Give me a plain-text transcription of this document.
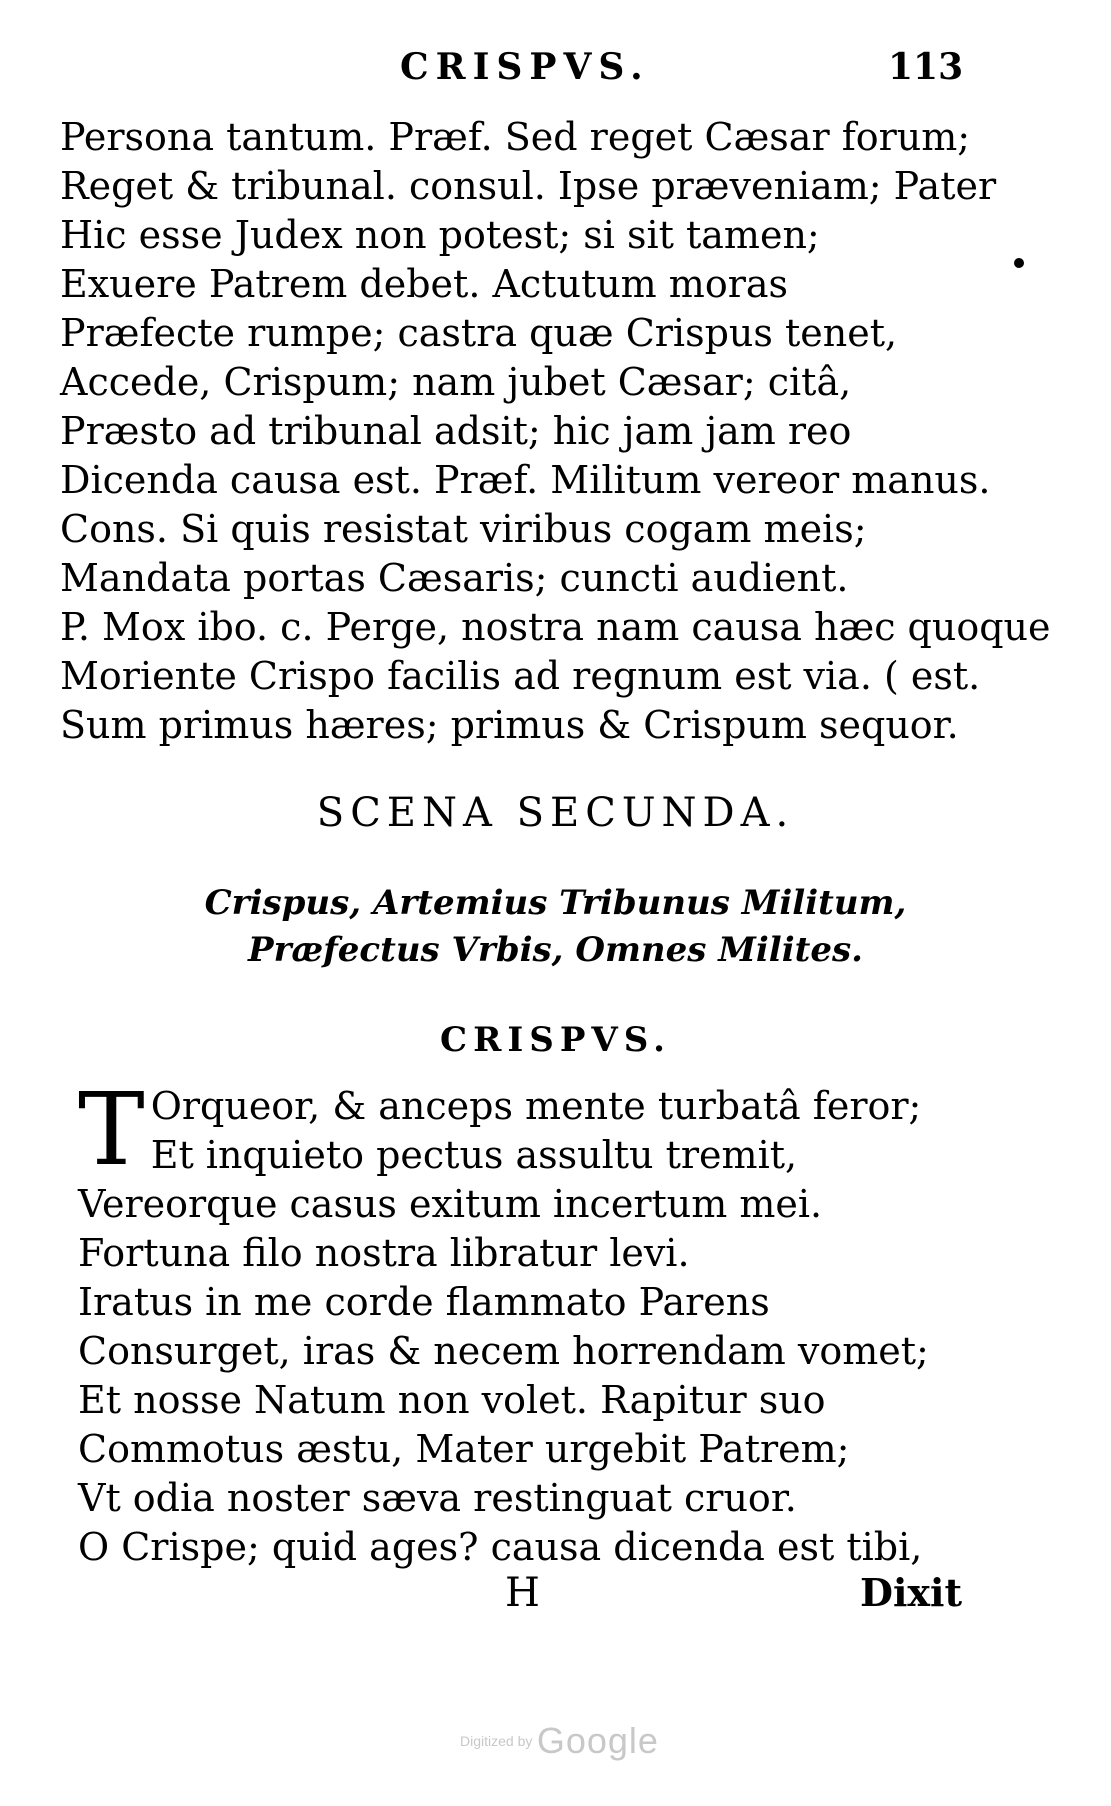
CRISPVS.	113
Persona tantum. Præf. Sed reget Cæsar forum;
Reget & tribunal. consul. Ipse præveniam; Pater
Hic esse Judex non potest; si sit tamen;
Exuere Patrem debet. Actutum moras
Præfecte rumpe; castra quæ Crispus tenet,
Accede, Crispum; nam jubet Cæsar; citâ,
Præsto ad tribunal adsit; hic jam jam reo
Dicenda causa est. Præf. Militum vereor manus.
Cons. Si quis resistat viribus cogam meis;
Mandata portas Cæsaris; cuncti audient.
P. Mox ibo. c. Perge, nostra nam causa hæc quoque
Moriente Crispo facilis ad regnum est via. ( est.
Sum primus hæres; primus & Crispum sequor.
SCENA SECUNDA.
Crispus, Artemius Tribunus Militum,
Præfectus Vrbis, Omnes Milites.
CRISPVS.
T Orqueor, & anceps mente turbatâ feror;
Et inquieto pectus assultu tremit,
Vereorque casus exitum incertum mei.
Fortuna filo nostra libratur levi.
Iratus in me corde flammato Parens
Consurget, iras & necem horrendam vomet;
Et nosse Natum non volet. Rapitur suo
Commotus æstu, Mater urgebit Patrem;
Vt odia noster sæva restinguat cruor.
O Crispe; quid ages? causa dicenda est tibi,
H	Dixit
Digitized by Google
